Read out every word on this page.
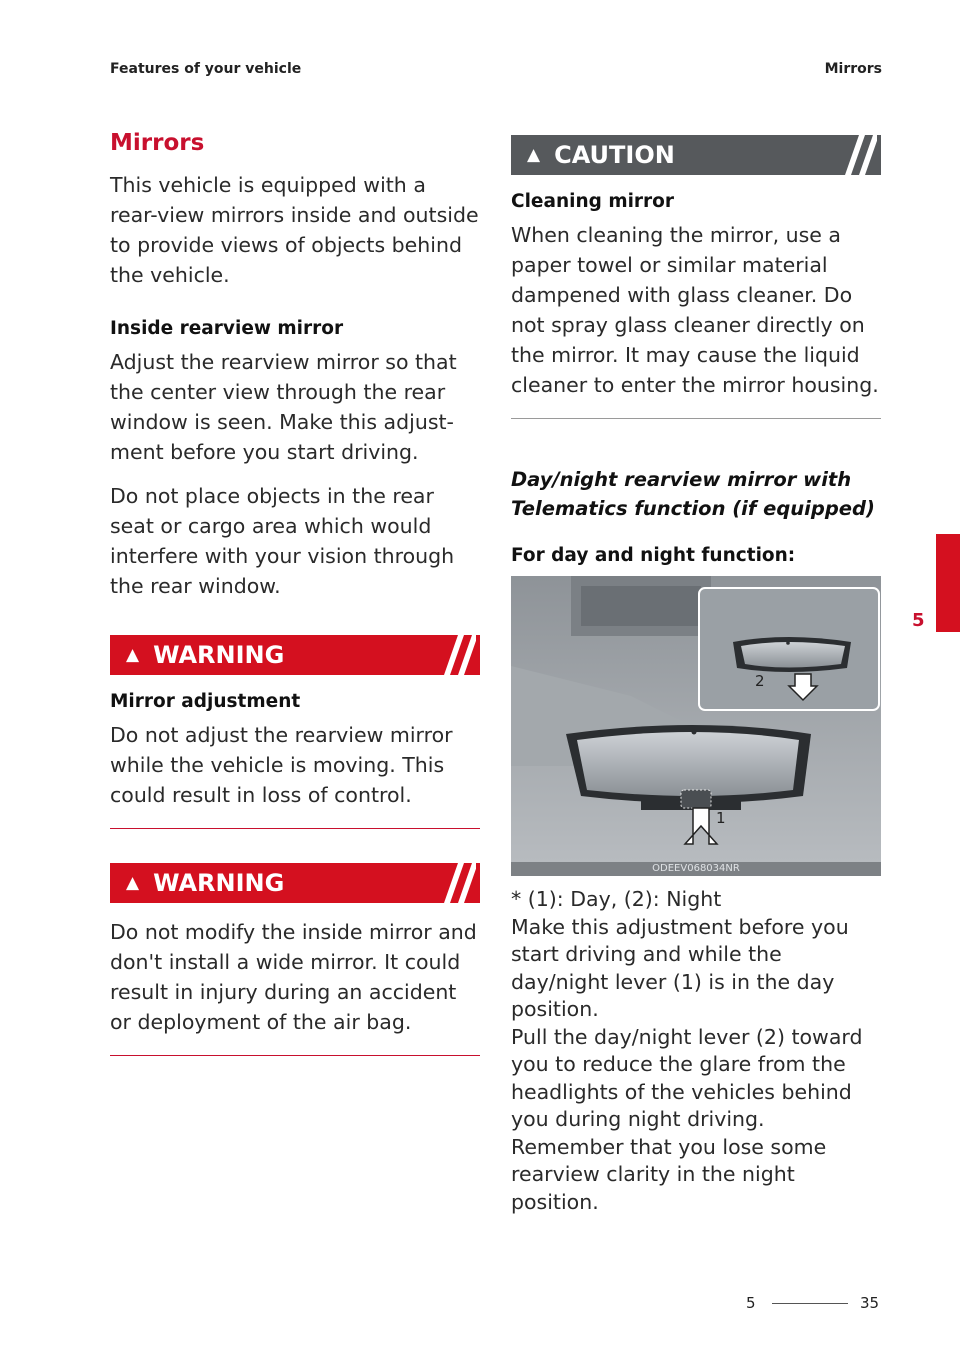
Features of your vehicle	Mirrors
Mirrors

This vehicle is equipped with a rear-view mirrors inside and outside to provide views of objects behind the vehicle.

Inside rearview mirror

Adjust the rearview mirror so that the center view through the rear window is seen. Make this adjust-ment before you start driving.

Do not place objects in the rear seat or cargo area which would interfere with your vision through the rear window.

▲ WARNING
Mirror adjustment

Do not adjust the rearview mirror while the vehicle is moving. This could result in loss of control.

▲ WARNING

Do not modify the inside mirror and don't install a wide mirror. It could result in injury during an accident or deployment of the air bag.

▲ CAUTION
Cleaning mirror

When cleaning the mirror, use a paper towel or similar material dampened with glass cleaner. Do not spray glass cleaner directly on the mirror. It may cause the liquid cleaner to enter the mirror housing.

Day/night rearview mirror with Telematics function (if equipped)
For day and night function:
1
2
ODEEV068034NR
* (1): Day, (2): Night
Make this adjustment before you start driving and while the day/night lever (1) is in the day position.
Pull the day/night lever (2) toward you to reduce the glare from the headlights of the vehicles behind you during night driving.
Remember that you lose some rearview clarity in the night position.
5
5	35
